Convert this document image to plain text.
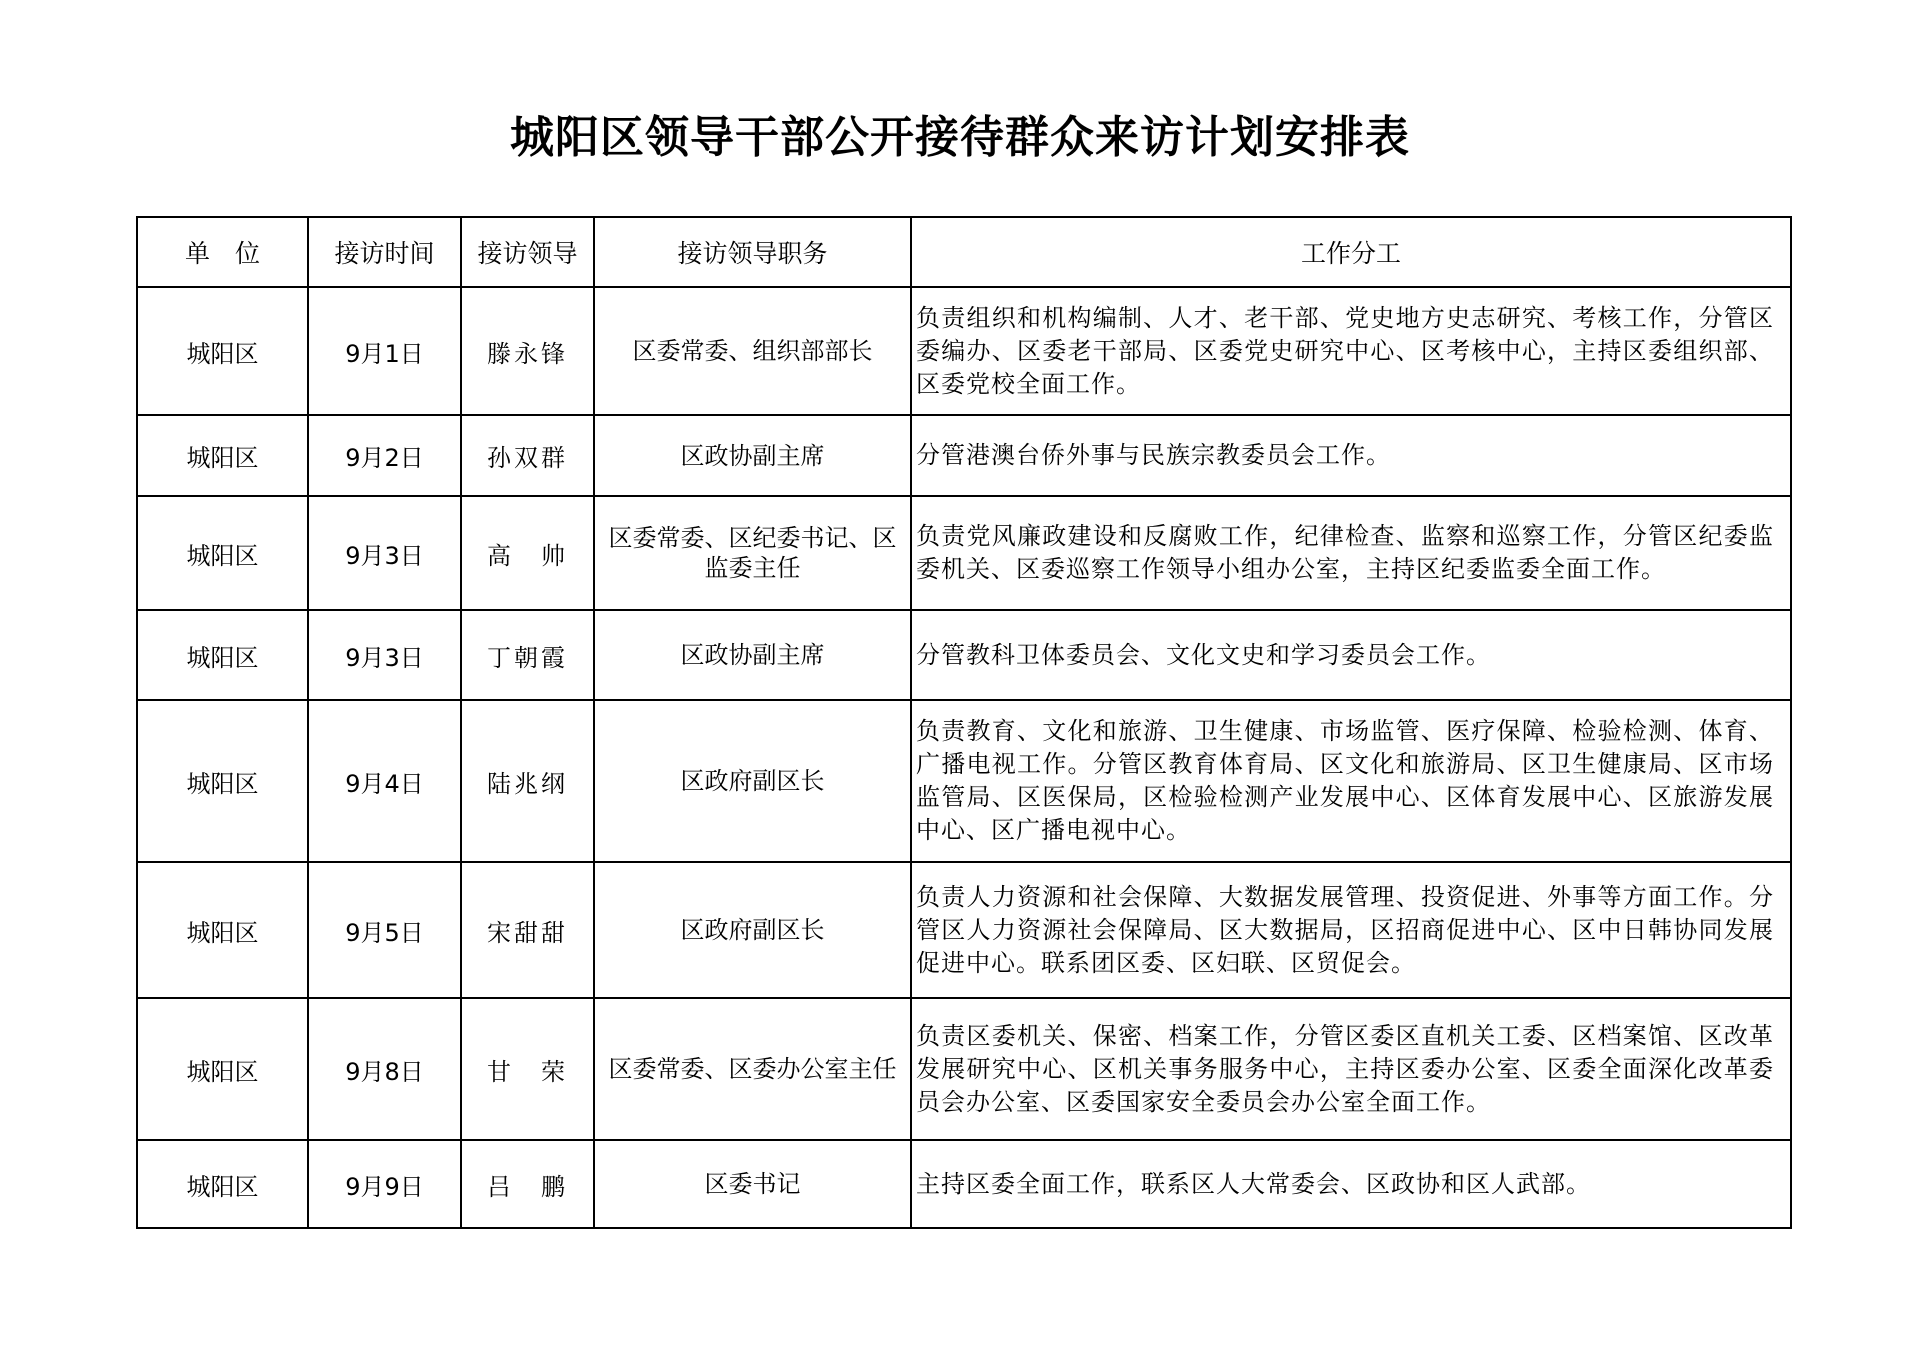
城阳区领导干部公开接待群众来访计划安排表
单　位	接访时间	接访领导	接访领导职务	工作分工
城阳区	9月1日	滕永锋	区委常委、组织部部长	负责组织和机构编制、人才、老干部、党史地方史志研究、考核工作，分管区委编办、区委老干部局、区委党史研究中心、区考核中心，主持区委组织部、区委党校全面工作。
城阳区	9月2日	孙双群	区政协副主席	分管港澳台侨外事与民族宗教委员会工作。
城阳区	9月3日	高　帅	区委常委、区纪委书记、区监委主任	负责党风廉政建设和反腐败工作，纪律检查、监察和巡察工作，分管区纪委监委机关、区委巡察工作领导小组办公室，主持区纪委监委全面工作。
城阳区	9月3日	丁朝霞	区政协副主席	分管教科卫体委员会、文化文史和学习委员会工作。
城阳区	9月4日	陆兆纲	区政府副区长	负责教育、文化和旅游、卫生健康、市场监管、医疗保障、检验检测、体育、广播电视工作。分管区教育体育局、区文化和旅游局、区卫生健康局、区市场监管局、区医保局，区检验检测产业发展中心、区体育发展中心、区旅游发展中心、区广播电视中心。
城阳区	9月5日	宋甜甜	区政府副区长	负责人力资源和社会保障、大数据发展管理、投资促进、外事等方面工作。分管区人力资源社会保障局、区大数据局，区招商促进中心、区中日韩协同发展促进中心。联系团区委、区妇联、区贸促会。
城阳区	9月8日	甘　荣	区委常委、区委办公室主任	负责区委机关、保密、档案工作，分管区委区直机关工委、区档案馆、区改革发展研究中心、区机关事务服务中心，主持区委办公室、区委全面深化改革委员会办公室、区委国家安全委员会办公室全面工作。
城阳区	9月9日	吕　鹏	区委书记	主持区委全面工作，联系区人大常委会、区政协和区人武部。
